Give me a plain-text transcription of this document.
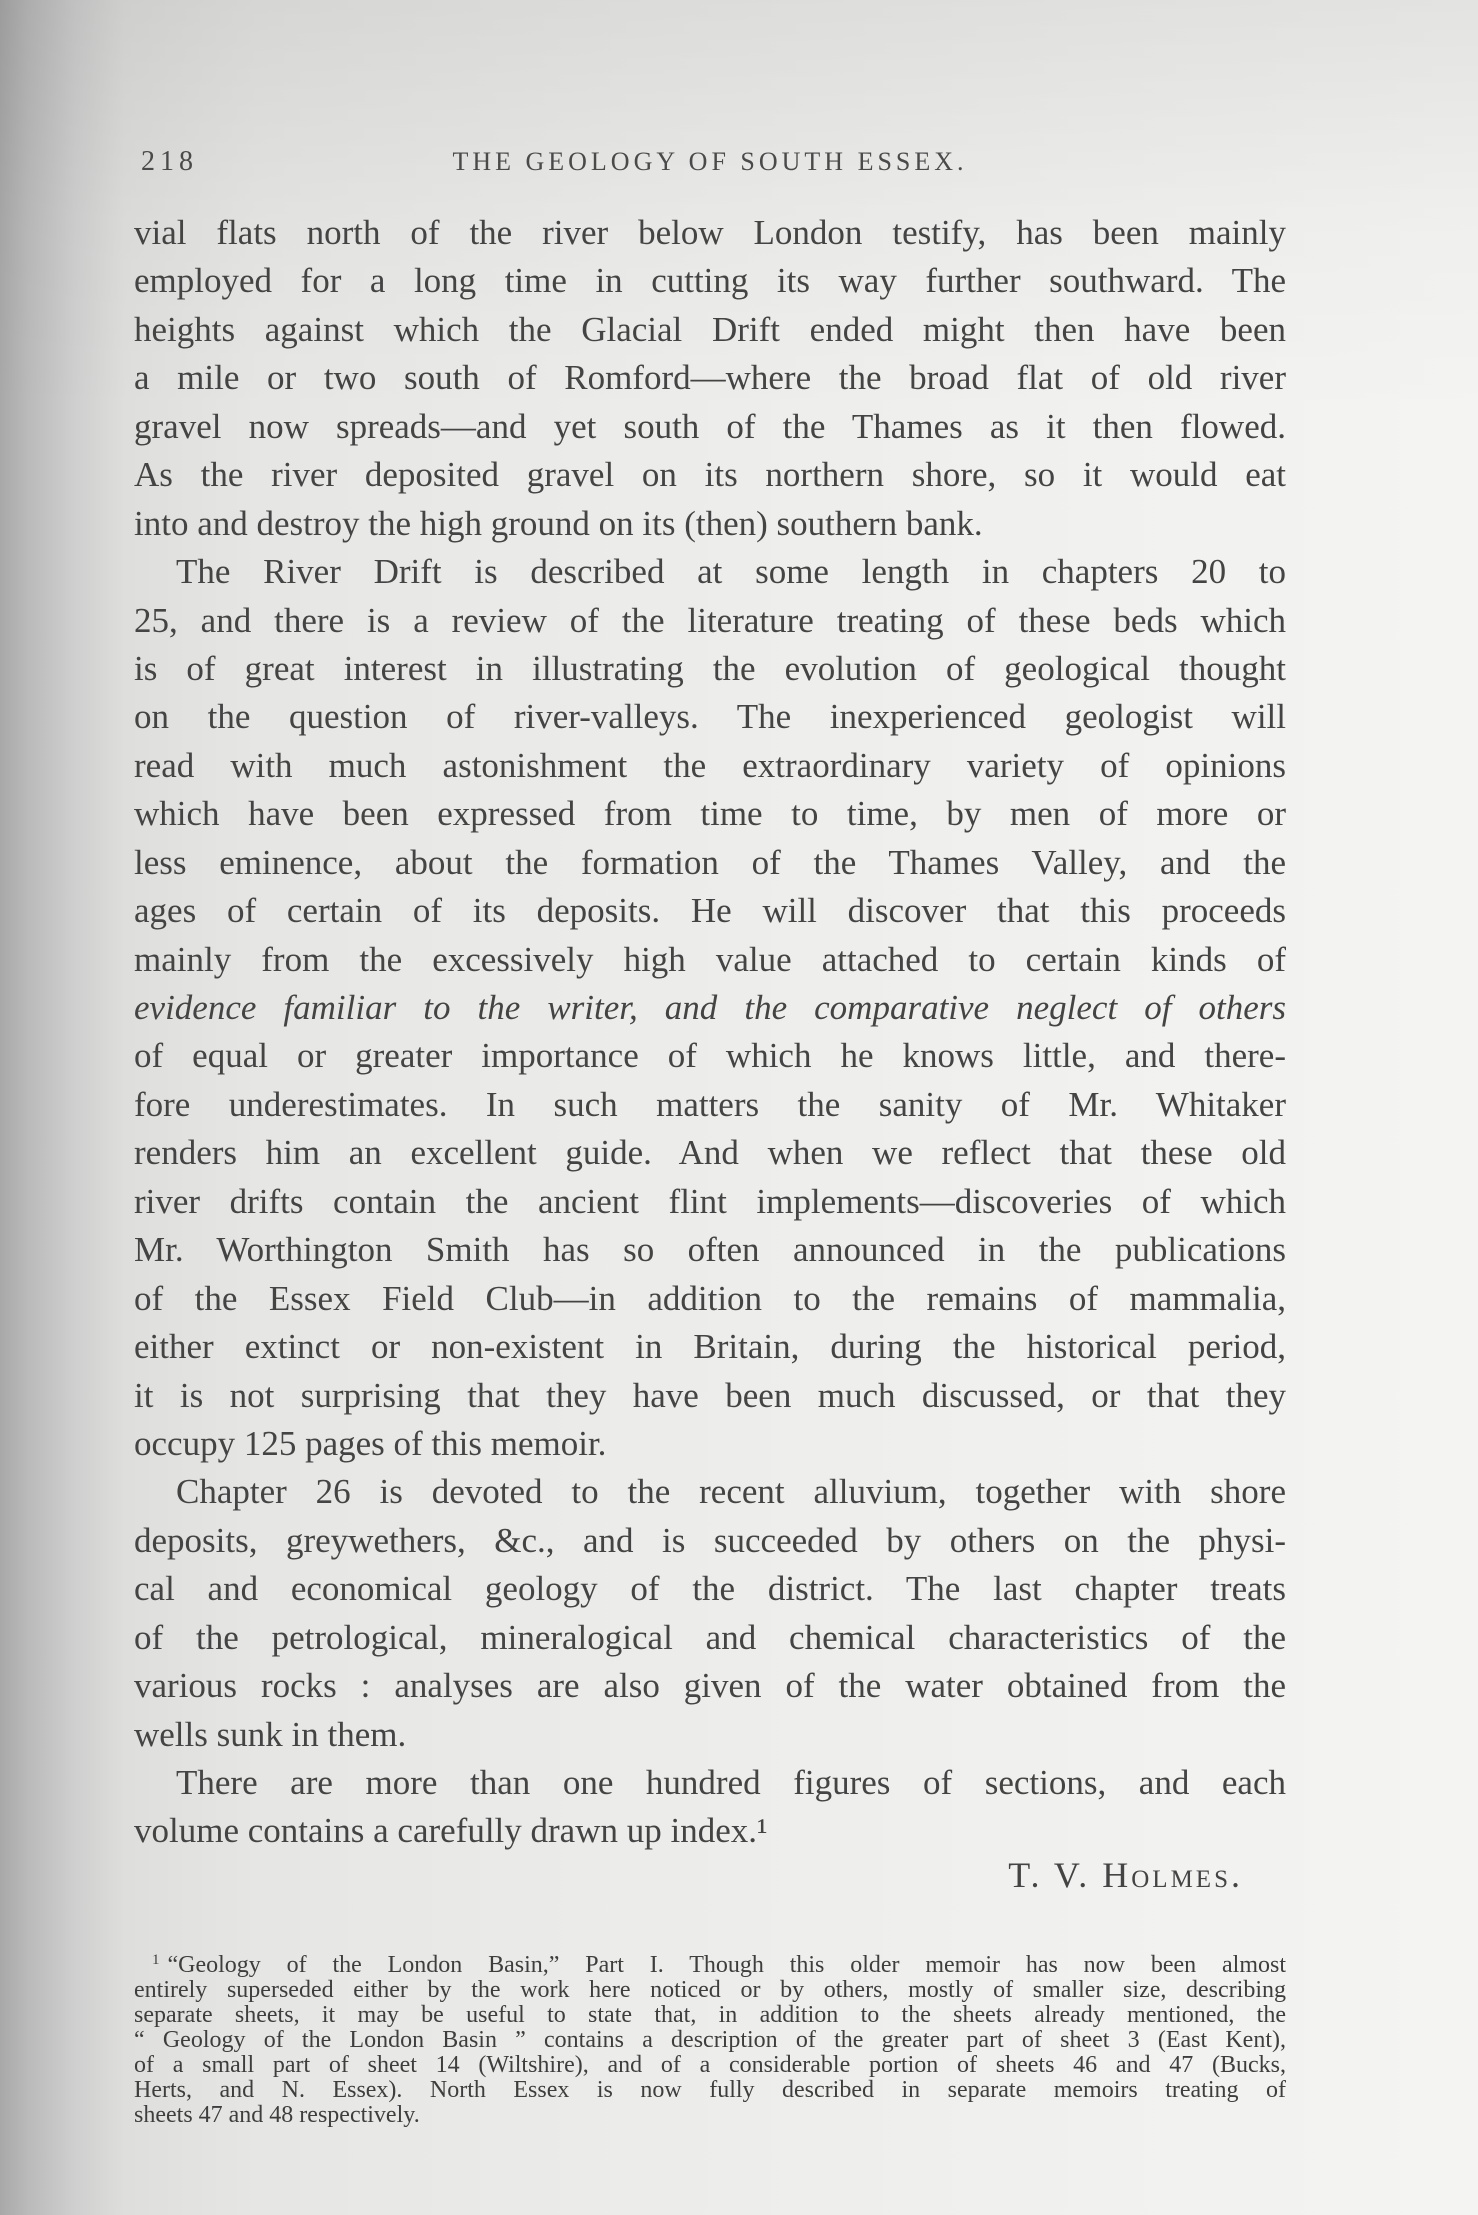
218	THE GEOLOGY OF SOUTH ESSEX.
vial flats north of the river below London testify, has been mainly
employed for a long time in cutting its way further southward. The
heights against which the Glacial Drift ended might then have been
a mile or two south of Romford—where the broad flat of old river
gravel now spreads—and yet south of the Thames as it then flowed.
As the river deposited gravel on its northern shore, so it would eat
into and destroy the high ground on its (then) southern bank.
The River Drift is described at some length in chapters 20 to
25, and there is a review of the literature treating of these beds which
is of great interest in illustrating the evolution of geological thought
on the question of river-valleys. The inexperienced geologist will
read with much astonishment the extraordinary variety of opinions
which have been expressed from time to time, by men of more or
less eminence, about the formation of the Thames Valley, and the
ages of certain of its deposits. He will discover that this proceeds
mainly from the excessively high value attached to certain kinds of
evidence familiar to the writer, and the comparative neglect of others
of equal or greater importance of which he knows little, and there-
fore underestimates. In such matters the sanity of Mr. Whitaker
renders him an excellent guide. And when we reflect that these old
river drifts contain the ancient flint implements—discoveries of which
Mr. Worthington Smith has so often announced in the publications
of the Essex Field Club—in addition to the remains of mammalia,
either extinct or non-existent in Britain, during the historical period,
it is not surprising that they have been much discussed, or that they
occupy 125 pages of this memoir.
Chapter 26 is devoted to the recent alluvium, together with shore
deposits, greywethers, &c., and is succeeded by others on the physi-
cal and economical geology of the district. The last chapter treats
of the petrological, mineralogical and chemical characteristics of the
various rocks : analyses are also given of the water obtained from the
wells sunk in them.
There are more than one hundred figures of sections, and each
volume contains a carefully drawn up index.¹
T. V. Holmes.
$^1$ “Geology of the London Basin,” Part I. Though this older memoir has now been almost
entirely superseded either by the work here noticed or by others, mostly of smaller size, describing
separate sheets, it may be useful to state that, in addition to the sheets already mentioned, the
“ Geology of the London Basin ” contains a description of the greater part of sheet 3 (East Kent),
of a small part of sheet 14 (Wiltshire), and of a considerable portion of sheets 46 and 47 (Bucks,
Herts, and N. Essex). North Essex is now fully described in separate memoirs treating of
sheets 47 and 48 respectively.
